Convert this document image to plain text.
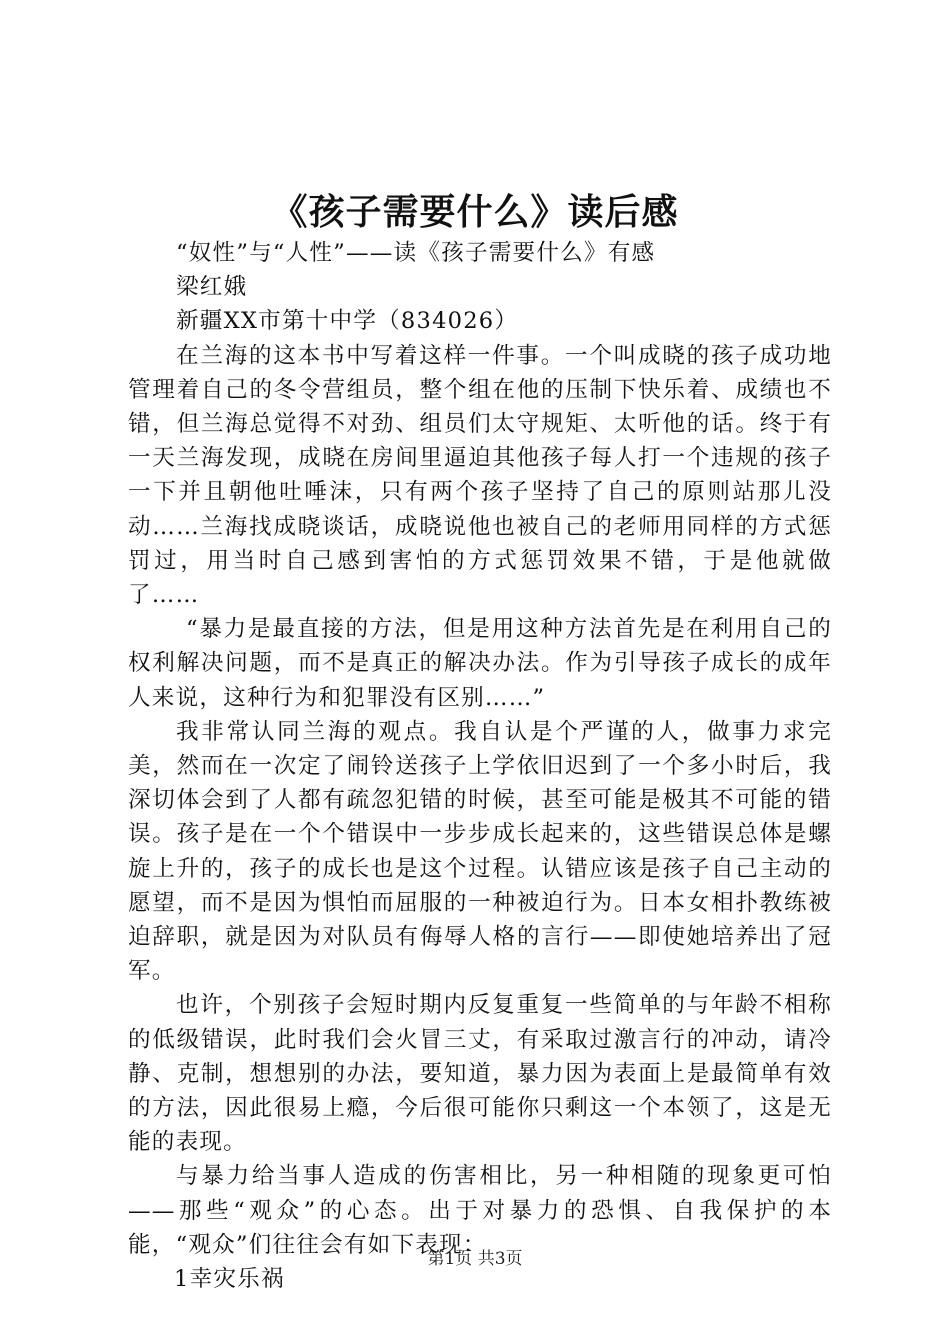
《孩子需要什么》读后感

“奴性”与“人性”——读《孩子需要什么》有感

梁红娥

新疆XX市第十中学（834026）

在兰海的这本书中写着这样一件事。一个叫成晓的孩子成功地管理着自己的冬令营组员，整个组在他的压制下快乐着、成绩也不错，但兰海总觉得不对劲、组员们太守规矩、太听他的话。终于有一天兰海发现，成晓在房间里逼迫其他孩子每人打一个违规的孩子一下并且朝他吐唾沫，只有两个孩子坚持了自己的原则站那儿没动……兰海找成晓谈话，成晓说他也被自己的老师用同样的方式惩罚过，用当时自己感到害怕的方式惩罚效果不错，于是他就做了……

“暴力是最直接的方法，但是用这种方法首先是在利用自己的权利解决问题，而不是真正的解决办法。作为引导孩子成长的成年人来说，这种行为和犯罪没有区别……”

我非常认同兰海的观点。我自认是个严谨的人，做事力求完美，然而在一次定了闹铃送孩子上学依旧迟到了一个多小时后，我深切体会到了人都有疏忽犯错的时候，甚至可能是极其不可能的错误。孩子是在一个个错误中一步步成长起来的，这些错误总体是螺旋上升的，孩子的成长也是这个过程。认错应该是孩子自己主动的愿望，而不是因为惧怕而屈服的一种被迫行为。日本女相扑教练被迫辞职，就是因为对队员有侮辱人格的言行——即使她培养出了冠军。

也许，个别孩子会短时期内反复重复一些简单的与年龄不相称的低级错误，此时我们会火冒三丈，有采取过激言行的冲动，请冷静、克制，想想别的办法，要知道，暴力因为表面上是最简单有效的方法，因此很易上瘾，今后很可能你只剩这一个本领了，这是无能的表现。

与暴力给当事人造成的伤害相比，另一种相随的现象更可怕——那些“观众”的心态。出于对暴力的恐惧、自我保护的本能，“观众”们往往会有如下表现：

1幸灾乐祸

第1页 共3页
